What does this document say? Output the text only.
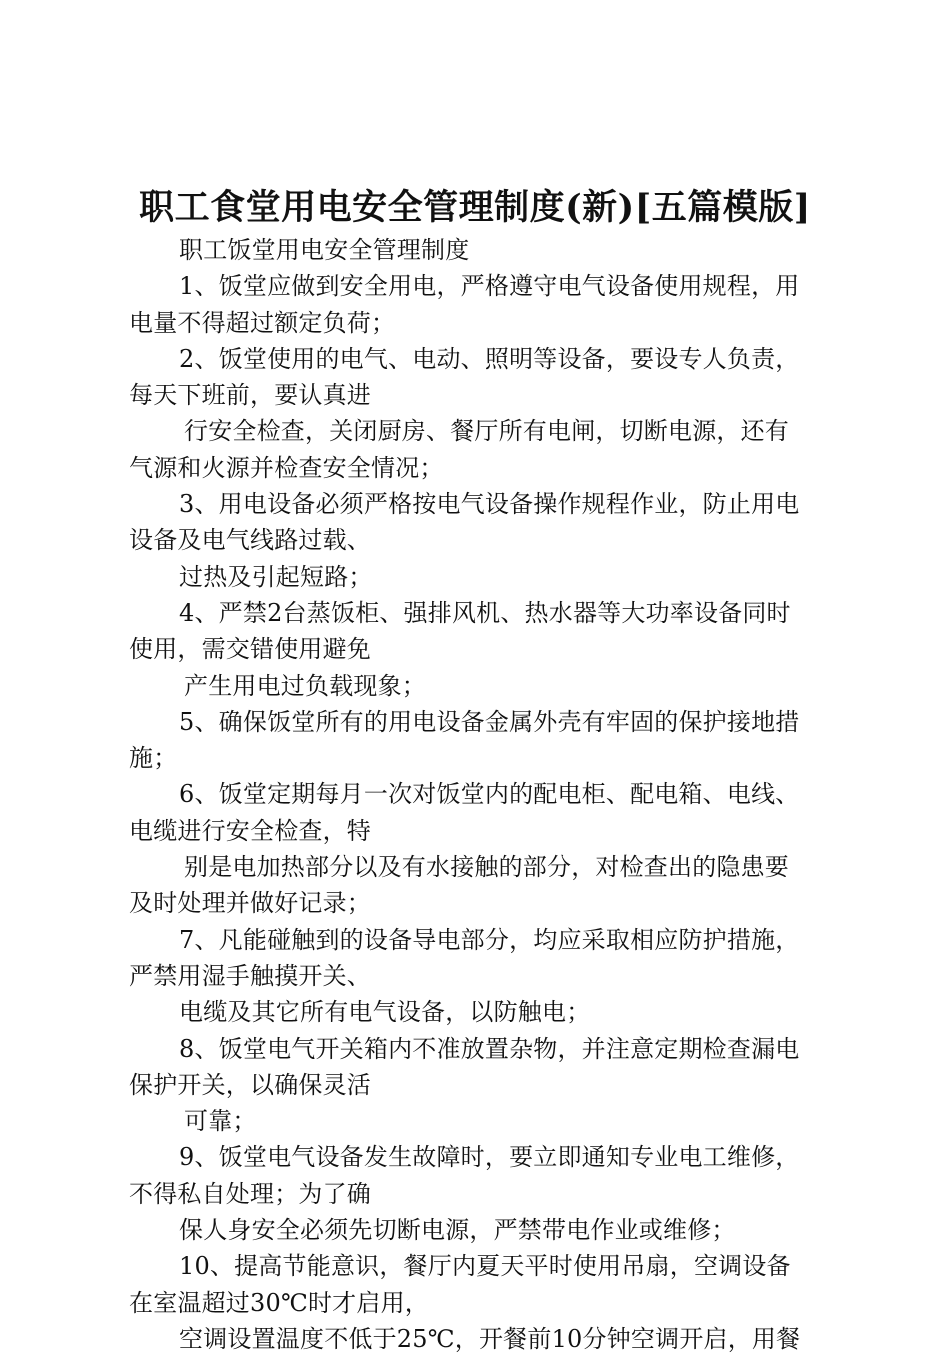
职工食堂用电安全管理制度(新)[五篇模版]
职工饭堂用电安全管理制度
1、饭堂应做到安全用电，严格遵守电气设备使用规程，用
电量不得超过额定负荷；
2、饭堂使用的电气、电动、照明等设备，要设专人负责，
每天下班前，要认真进
行安全检查，关闭厨房、餐厅所有电闸，切断电源，还有
气源和火源并检查安全情况；
3、用电设备必须严格按电气设备操作规程作业，防止用电
设备及电气线路过载、
过热及引起短路；
4、严禁2台蒸饭柜、强排风机、热水器等大功率设备同时
使用，需交错使用避免
产生用电过负载现象；
5、确保饭堂所有的用电设备金属外壳有牢固的保护接地措
施；
6、饭堂定期每月一次对饭堂内的配电柜、配电箱、电线、
电缆进行安全检查，特
别是电加热部分以及有水接触的部分，对检查出的隐患要
及时处理并做好记录；
7、凡能碰触到的设备导电部分，均应采取相应防护措施，
严禁用湿手触摸开关、
电缆及其它所有电气设备，以防触电；
8、饭堂电气开关箱内不准放置杂物，并注意定期检查漏电
保护开关，以确保灵活
可靠；
9、饭堂电气设备发生故障时，要立即通知专业电工维修，
不得私自处理；为了确
保人身安全必须先切断电源，严禁带电作业或维修；
10、提高节能意识，餐厅内夏天平时使用吊扇，空调设备
在室温超过30℃时才启用，
空调设置温度不低于25℃，开餐前10分钟空调开启，用餐
